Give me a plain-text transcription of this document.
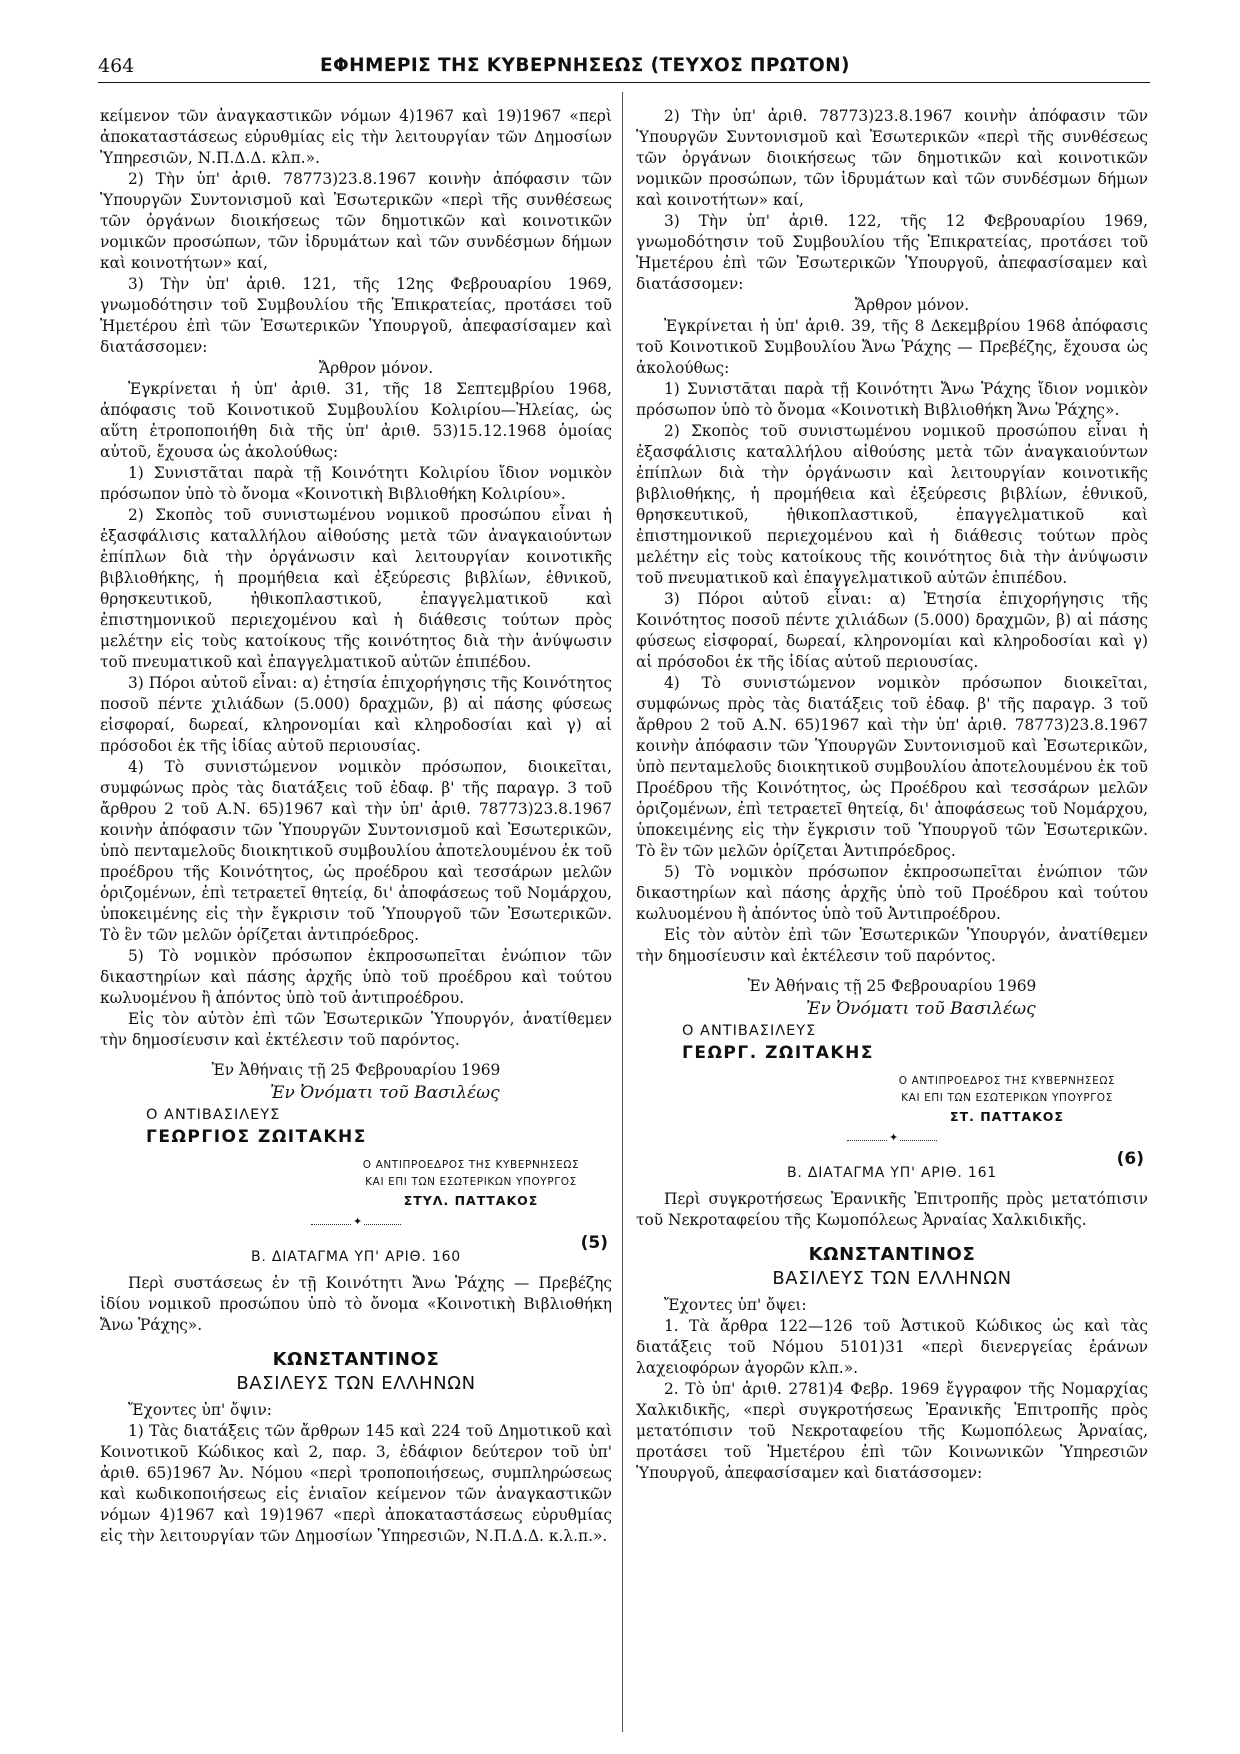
464	ΕΦΗΜΕΡΙΣ ΤΗΣ ΚΥΒΕΡΝΗΣΕΩΣ (ΤΕΥΧΟΣ ΠΡΩΤΟΝ)

κείμενον τῶν ἀναγκαστικῶν νόμων 4)1967 καὶ 19)1967 «περὶ ἀποκαταστάσεως εὐρυθμίας εἰς τὴν λειτουργίαν τῶν Δημοσίων Ὑπηρεσιῶν, Ν.Π.Δ.Δ. κλπ.».

2) Τὴν ὑπ' ἀριθ. 78773)23.8.1967 κοινὴν ἀπόφασιν τῶν Ὑπουργῶν Συντονισμοῦ καὶ Ἐσωτερικῶν «περὶ τῆς συνθέσεως τῶν ὀργάνων διοικήσεως τῶν δημοτικῶν καὶ κοινοτικῶν νομικῶν προσώπων, τῶν ἱδρυμάτων καὶ τῶν συνδέσμων δήμων καὶ κοινοτήτων» καί,

3) Τὴν ὑπ' ἀριθ. 121, τῆς 12ης Φεβρουαρίου 1969, γνωμοδότησιν τοῦ Συμβουλίου τῆς Ἐπικρατείας, προτάσει τοῦ Ἡμετέρου ἐπὶ τῶν Ἐσωτερικῶν Ὑπουργοῦ, ἀπεφασίσαμεν καὶ διατάσσομεν:

Ἄρθρον μόνον.

Ἐγκρίνεται ἡ ὑπ' ἀριθ. 31, τῆς 18 Σεπτεμβρίου 1968, ἀπόφασις τοῦ Κοινοτικοῦ Συμβουλίου Κολιρίου—Ἠλείας, ὡς αὕτη ἐτροποποιήθη διὰ τῆς ὑπ' ἀριθ. 53)15.12.1968 ὁμοίας αὐτοῦ, ἔχουσα ὡς ἀκολούθως:

1) Συνιστᾶται παρὰ τῇ Κοινότητι Κολιρίου ἴδιον νομικὸν πρόσωπον ὑπὸ τὸ ὄνομα «Κοινοτικὴ Βιβλιοθήκη Κολιρίου».

2) Σκοπὸς τοῦ συνιστωμένου νομικοῦ προσώπου εἶναι ἡ ἐξασφάλισις καταλλήλου αἰθούσης μετὰ τῶν ἀναγκαιούντων ἐπίπλων διὰ τὴν ὀργάνωσιν καὶ λειτουργίαν κοινοτικῆς βιβλιοθήκης, ἡ προμήθεια καὶ ἐξεύρεσις βιβλίων, ἐθνικοῦ, θρησκευτικοῦ, ἠθικοπλαστικοῦ, ἐπαγγελματικοῦ καὶ ἐπιστημονικοῦ περιεχομένου καὶ ἡ διάθεσις τούτων πρὸς μελέτην εἰς τοὺς κατοίκους τῆς κοινότητος διὰ τὴν ἀνύψωσιν τοῦ πνευματικοῦ καὶ ἐπαγγελματικοῦ αὐτῶν ἐπιπέδου.

3) Πόροι αὐτοῦ εἶναι: α) ἐτησία ἐπιχορήγησις τῆς Κοινότητος ποσοῦ πέντε χιλιάδων (5.000) δραχμῶν, β) αἱ πάσης φύσεως εἰσφοραί, δωρεαί, κληρονομίαι καὶ κληροδοσίαι καὶ γ) αἱ πρόσοδοι ἐκ τῆς ἰδίας αὐτοῦ περιουσίας.

4) Τὸ συνιστώμενον νομικὸν πρόσωπον, διοικεῖται, συμφώνως πρὸς τὰς διατάξεις τοῦ ἐδαφ. β' τῆς παραγρ. 3 τοῦ ἄρθρου 2 τοῦ Α.Ν. 65)1967 καὶ τὴν ὑπ' ἀριθ. 78773)23.8.1967 κοινὴν ἀπόφασιν τῶν Ὑπουργῶν Συντονισμοῦ καὶ Ἐσωτερικῶν, ὑπὸ πενταμελοῦς διοικητικοῦ συμβουλίου ἀποτελουμένου ἐκ τοῦ προέδρου τῆς Κοινότητος, ὡς προέδρου καὶ τεσσάρων μελῶν ὁριζομένων, ἐπὶ τετραετεῖ θητείᾳ, δι' ἀποφάσεως τοῦ Νομάρχου, ὑποκειμένης εἰς τὴν ἔγκρισιν τοῦ Ὑπουργοῦ τῶν Ἐσωτερικῶν. Τὸ ἓν τῶν μελῶν ὁρίζεται ἀντιπρόεδρος.

5) Τὸ νομικὸν πρόσωπον ἐκπροσωπεῖται ἐνώπιον τῶν δικαστηρίων καὶ πάσης ἀρχῆς ὑπὸ τοῦ προέδρου καὶ τούτου κωλυομένου ἢ ἀπόντος ὑπὸ τοῦ ἀντιπροέδρου.

Εἰς τὸν αὐτὸν ἐπὶ τῶν Ἐσωτερικῶν Ὑπουργόν, ἀνατίθεμεν τὴν δημοσίευσιν καὶ ἐκτέλεσιν τοῦ παρόντος.

Ἐν Ἀθήναις τῇ 25 Φεβρουαρίου 1969
Ἐν Ὀνόματι τοῦ Βασιλέως
Ο ΑΝΤΙΒΑΣΙΛΕΥΣ
ΓΕΩΡΓΙΟΣ ΖΩΙΤΑΚΗΣ
Ο ΑΝΤΙΠΡΟΕΔΡΟΣ ΤΗΣ ΚΥΒΕΡΝΗΣΕΩΣ
ΚΑΙ ΕΠΙ ΤΩΝ ΕΣΩΤΕΡΙΚΩΝ ΥΠΟΥΡΓΟΣ
ΣΤΥΛ. ΠΑΤΤΑΚΟΣ
✦
Β. ΔΙΑΤΑΓΜΑ ΥΠ' ΑΡΙΘ. 160
(5)

Περὶ συστάσεως ἐν τῇ Κοινότητι Ἄνω Ῥάχης — Πρεβέζης ἰδίου νομικοῦ προσώπου ὑπὸ τὸ ὄνομα «Κοινοτικὴ Βιβλιοθήκη Ἄνω Ῥάχης».

ΚΩΝΣΤΑΝΤΙΝΟΣ
ΒΑΣΙΛΕΥΣ ΤΩΝ ΕΛΛΗΝΩΝ

Ἔχοντες ὑπ' ὄψιν:

1) Τὰς διατάξεις τῶν ἄρθρων 145 καὶ 224 τοῦ Δημοτικοῦ καὶ Κοινοτικοῦ Κώδικος καὶ 2, παρ. 3, ἐδάφιον δεύτερον τοῦ ὑπ' ἀριθ. 65)1967 Ἀν. Νόμου «περὶ τροποποιήσεως, συμπληρώσεως καὶ κωδικοποιήσεως εἰς ἑνιαῖον κείμενον τῶν ἀναγκαστικῶν νόμων 4)1967 καὶ 19)1967 «περὶ ἀποκαταστάσεως εὐρυθμίας εἰς τὴν λειτουργίαν τῶν Δημοσίων Ὑπηρεσιῶν, Ν.Π.Δ.Δ. κ.λ.π.».

2) Τὴν ὑπ' ἀριθ. 78773)23.8.1967 κοινὴν ἀπόφασιν τῶν Ὑπουργῶν Συντονισμοῦ καὶ Ἐσωτερικῶν «περὶ τῆς συνθέσεως τῶν ὀργάνων διοικήσεως τῶν δημοτικῶν καὶ κοινοτικῶν νομικῶν προσώπων, τῶν ἱδρυμάτων καὶ τῶν συνδέσμων δήμων καὶ κοινοτήτων» καί,

3) Τὴν ὑπ' ἀριθ. 122, τῆς 12 Φεβρουαρίου 1969, γνωμοδότησιν τοῦ Συμβουλίου τῆς Ἐπικρατείας, προτάσει τοῦ Ἡμετέρου ἐπὶ τῶν Ἐσωτερικῶν Ὑπουργοῦ, ἀπεφασίσαμεν καὶ διατάσσομεν:

Ἄρθρον μόνον.

Ἐγκρίνεται ἡ ὑπ' ἀριθ. 39, τῆς 8 Δεκεμβρίου 1968 ἀπόφασις τοῦ Κοινοτικοῦ Συμβουλίου Ἄνω Ῥάχης — Πρεβέζης, ἔχουσα ὡς ἀκολούθως:

1) Συνιστᾶται παρὰ τῇ Κοινότητι Ἄνω Ῥάχης ἴδιον νομικὸν πρόσωπον ὑπὸ τὸ ὄνομα «Κοινοτικὴ Βιβλιοθήκη Ἄνω Ῥάχης».

2) Σκοπὸς τοῦ συνιστωμένου νομικοῦ προσώπου εἶναι ἡ ἐξασφάλισις καταλλήλου αἰθούσης μετὰ τῶν ἀναγκαιούντων ἐπίπλων διὰ τὴν ὀργάνωσιν καὶ λειτουργίαν κοινοτικῆς βιβλιοθήκης, ἡ προμήθεια καὶ ἐξεύρεσις βιβλίων, ἐθνικοῦ, θρησκευτικοῦ, ἠθικοπλαστικοῦ, ἐπαγγελματικοῦ καὶ ἐπιστημονικοῦ περιεχομένου καὶ ἡ διάθεσις τούτων πρὸς μελέτην εἰς τοὺς κατοίκους τῆς κοινότητος διὰ τὴν ἀνύψωσιν τοῦ πνευματικοῦ καὶ ἐπαγγελματικοῦ αὐτῶν ἐπιπέδου.

3) Πόροι αὐτοῦ εἶναι: α) Ἐτησία ἐπιχορήγησις τῆς Κοινότητος ποσοῦ πέντε χιλιάδων (5.000) δραχμῶν, β) αἱ πάσης φύσεως εἰσφοραί, δωρεαί, κληρονομίαι καὶ κληροδοσίαι καὶ γ) αἱ πρόσοδοι ἐκ τῆς ἰδίας αὐτοῦ περιουσίας.

4) Τὸ συνιστώμενον νομικὸν πρόσωπον διοικεῖται, συμφώνως πρὸς τὰς διατάξεις τοῦ ἐδαφ. β' τῆς παραγρ. 3 τοῦ ἄρθρου 2 τοῦ Α.Ν. 65)1967 καὶ τὴν ὑπ' ἀριθ. 78773)23.8.1967 κοινὴν ἀπόφασιν τῶν Ὑπουργῶν Συντονισμοῦ καὶ Ἐσωτερικῶν, ὑπὸ πενταμελοῦς διοικητικοῦ συμβουλίου ἀποτελουμένου ἐκ τοῦ Προέδρου τῆς Κοινότητος, ὡς Προέδρου καὶ τεσσάρων μελῶν ὁριζομένων, ἐπὶ τετραετεῖ θητείᾳ, δι' ἀποφάσεως τοῦ Νομάρχου, ὑποκειμένης εἰς τὴν ἔγκρισιν τοῦ Ὑπουργοῦ τῶν Ἐσωτερικῶν. Τὸ ἓν τῶν μελῶν ὁρίζεται Ἀντιπρόεδρος.

5) Τὸ νομικὸν πρόσωπον ἐκπροσωπεῖται ἐνώπιον τῶν δικαστηρίων καὶ πάσης ἀρχῆς ὑπὸ τοῦ Προέδρου καὶ τούτου κωλυομένου ἢ ἀπόντος ὑπὸ τοῦ Ἀντιπροέδρου.

Εἰς τὸν αὐτὸν ἐπὶ τῶν Ἐσωτερικῶν Ὑπουργόν, ἀνατίθεμεν τὴν δημοσίευσιν καὶ ἐκτέλεσιν τοῦ παρόντος.

Ἐν Ἀθήναις τῇ 25 Φεβρουαρίου 1969
Ἐν Ὀνόματι τοῦ Βασιλέως
Ο ΑΝΤΙΒΑΣΙΛΕΥΣ
ΓΕΩΡΓ. ΖΩΙΤΑΚΗΣ
Ο ΑΝΤΙΠΡΟΕΔΡΟΣ ΤΗΣ ΚΥΒΕΡΝΗΣΕΩΣ
ΚΑΙ ΕΠΙ ΤΩΝ ΕΣΩΤΕΡΙΚΩΝ ΥΠΟΥΡΓΟΣ
ΣΤ. ΠΑΤΤΑΚΟΣ
✦
Β. ΔΙΑΤΑΓΜΑ ΥΠ' ΑΡΙΘ. 161
(6)

Περὶ συγκροτήσεως Ἐρανικῆς Ἐπιτροπῆς πρὸς μετατόπισιν τοῦ Νεκροταφείου τῆς Κωμοπόλεως Ἀρναίας Χαλκιδικῆς.

ΚΩΝΣΤΑΝΤΙΝΟΣ
ΒΑΣΙΛΕΥΣ ΤΩΝ ΕΛΛΗΝΩΝ

Ἔχοντες ὑπ' ὄψει:

1. Τὰ ἄρθρα 122—126 τοῦ Ἀστικοῦ Κώδικος ὡς καὶ τὰς διατάξεις τοῦ Νόμου 5101)31 «περὶ διενεργείας ἐράνων λαχειοφόρων ἀγορῶν κλπ.».

2. Τὸ ὑπ' ἀριθ. 2781)4 Φεβρ. 1969 ἔγγραφον τῆς Νομαρχίας Χαλκιδικῆς, «περὶ συγκροτήσεως Ἐρανικῆς Ἐπιτροπῆς πρὸς μετατόπισιν τοῦ Νεκροταφείου τῆς Κωμοπόλεως Ἀρναίας, προτάσει τοῦ Ἡμετέρου ἐπὶ τῶν Κοινωνικῶν Ὑπηρεσιῶν Ὑπουργοῦ, ἀπεφασίσαμεν καὶ διατάσσομεν:
